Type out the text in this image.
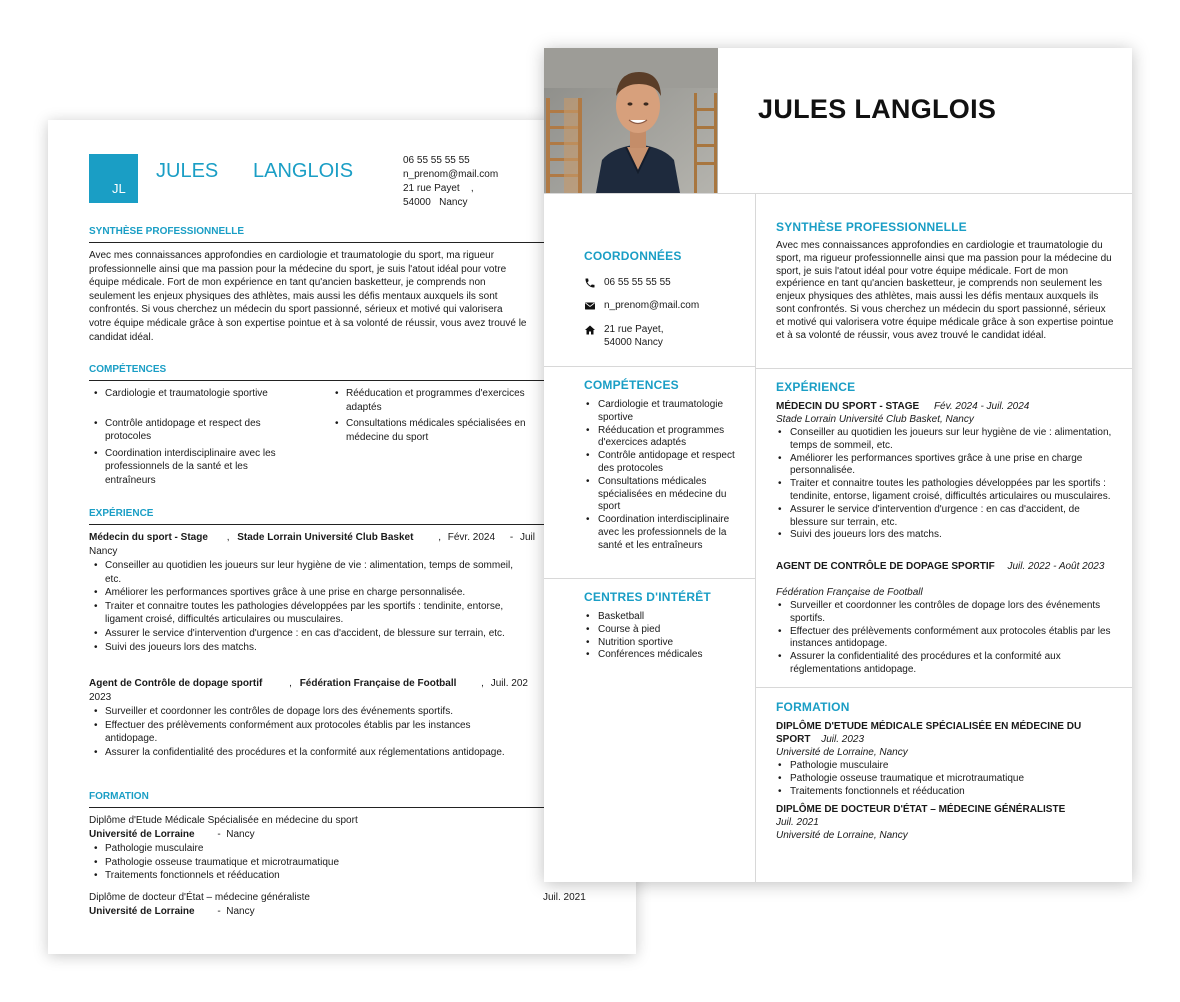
JL
JULES LANGLOIS	06 55 55 55 55
n_prenom@mail.com
21 rue Payet    ,
54000   Nancy
SYNTHÈSE PROFESSIONNELLE
Avec mes connaissances approfondies en cardiologie et traumatologie du sport, ma rigueur professionnelle ainsi que ma passion pour la médecine du sport, je suis l'atout idéal pour votre équipe médicale. Fort de mon expérience en tant qu'ancien basketteur, je comprends non seulement les enjeux physiques des athlètes, mais aussi les défis mentaux auxquels ils sont confrontés. Si vous cherchez un médecin du sport passionné, sérieux et motivé qui valorisera votre équipe médicale grâce à son expertise pointue et à sa volonté de réussir, vous avez trouvé le candidat idéal.
COMPÉTENCES
• Cardiologie et traumatologie sportive
• Contrôle antidopage et respect des protocoles
• Coordination interdisciplinaire avec les professionnels de la santé et les entraîneurs
• Rééducation et programmes d'exercices adaptés
• Consultations médicales spécialisées en médecine du sport
EXPÉRIENCE
Médecin du sport - Stage , Stade Lorrain Université Club Basket , Févr. 2024 - Juil
Nancy
• Conseiller au quotidien les joueurs sur leur hygiène de vie : alimentation, temps de sommeil, etc.
• Améliorer les performances sportives grâce à une prise en charge personnalisée.
• Traiter et connaitre toutes les pathologies développées par les sportifs : tendinite, entorse, ligament croisé, difficultés articulaires ou musculaires.
• Assurer le service d'intervention d'urgence : en cas d'accident, de blessure sur terrain, etc.
• Suivi des joueurs lors des matchs.
Agent de Contrôle de dopage sportif	, Fédération Française de Football , Juil. 202
2023
• Surveiller et coordonner les contrôles de dopage lors des événements sportifs.
• Effectuer des prélèvements conformément aux protocoles établis par les instances antidopage.
• Assurer la confidentialité des procédures et la conformité aux réglementations antidopage.
FORMATION
Diplôme d'Etude Médicale Spécialisée en médecine du sport
Université de Lorraine -  Nancy
• Pathologie musculaire
• Pathologie osseuse traumatique et microtraumatique
• Traitements fonctionnels et rééducation
Diplôme de docteur d'État – médecine généraliste	Juil. 2021
Université de Lorraine -  Nancy
JULES LANGLOIS
COORDONNÉES
06 55 55 55 55
n_prenom@mail.com
21 rue Payet,
54000 Nancy
COMPÉTENCES
• Cardiologie et traumatologie sportive
• Rééducation et programmes d'exercices adaptés
• Contrôle antidopage et respect des protocoles
• Consultations médicales spécialisées en médecine du sport
• Coordination interdisciplinaire avec les professionnels de la santé et les entraîneurs
CENTRES D'INTÉRÊT
• Basketball
• Course à pied
• Nutrition sportive
• Conférences médicales
SYNTHÈSE PROFESSIONNELLE
Avec mes connaissances approfondies en cardiologie et traumatologie du sport, ma rigueur professionnelle ainsi que ma passion pour la médecine du sport, je suis l'atout idéal pour votre équipe médicale. Fort de mon expérience en tant qu'ancien basketteur, je comprends non seulement les enjeux physiques des athlètes, mais aussi les défis mentaux auxquels ils sont confrontés. Si vous cherchez un médecin du sport passionné, sérieux et motivé qui valorisera votre équipe médicale grâce à son expertise pointue et à sa volonté de réussir, vous avez trouvé le candidat idéal.
EXPÉRIENCE
MÉDECIN DU SPORT - STAGE Fév. 2024 - Juil. 2024
Stade Lorrain Université Club Basket, Nancy
• Conseiller au quotidien les joueurs sur leur hygiène de vie : alimentation, temps de sommeil, etc.
• Améliorer les performances sportives grâce à une prise en charge personnalisée.
• Traiter et connaitre toutes les pathologies développées par les sportifs : tendinite, entorse, ligament croisé, difficultés articulaires ou musculaires.
• Assurer le service d'intervention d'urgence : en cas d'accident, de blessure sur terrain, etc.
• Suivi des joueurs lors des matchs.
AGENT DE CONTRÔLE DE DOPAGE SPORTIF Juil. 2022 - Août 2023
Fédération Française de Football
• Surveiller et coordonner les contrôles de dopage lors des événements sportifs.
• Effectuer des prélèvements conformément aux protocoles établis par les instances antidopage.
• Assurer la confidentialité des procédures et la conformité aux réglementations antidopage.
FORMATION
DIPLÔME D'ETUDE MÉDICALE SPÉCIALISÉE EN MÉDECINE DU SPORT Juil. 2023
Université de Lorraine, Nancy
• Pathologie musculaire
• Pathologie osseuse traumatique et microtraumatique
• Traitements fonctionnels et rééducation
DIPLÔME DE DOCTEUR D'ÉTAT – MÉDECINE GÉNÉRALISTE
Juil. 2021
Université de Lorraine, Nancy
